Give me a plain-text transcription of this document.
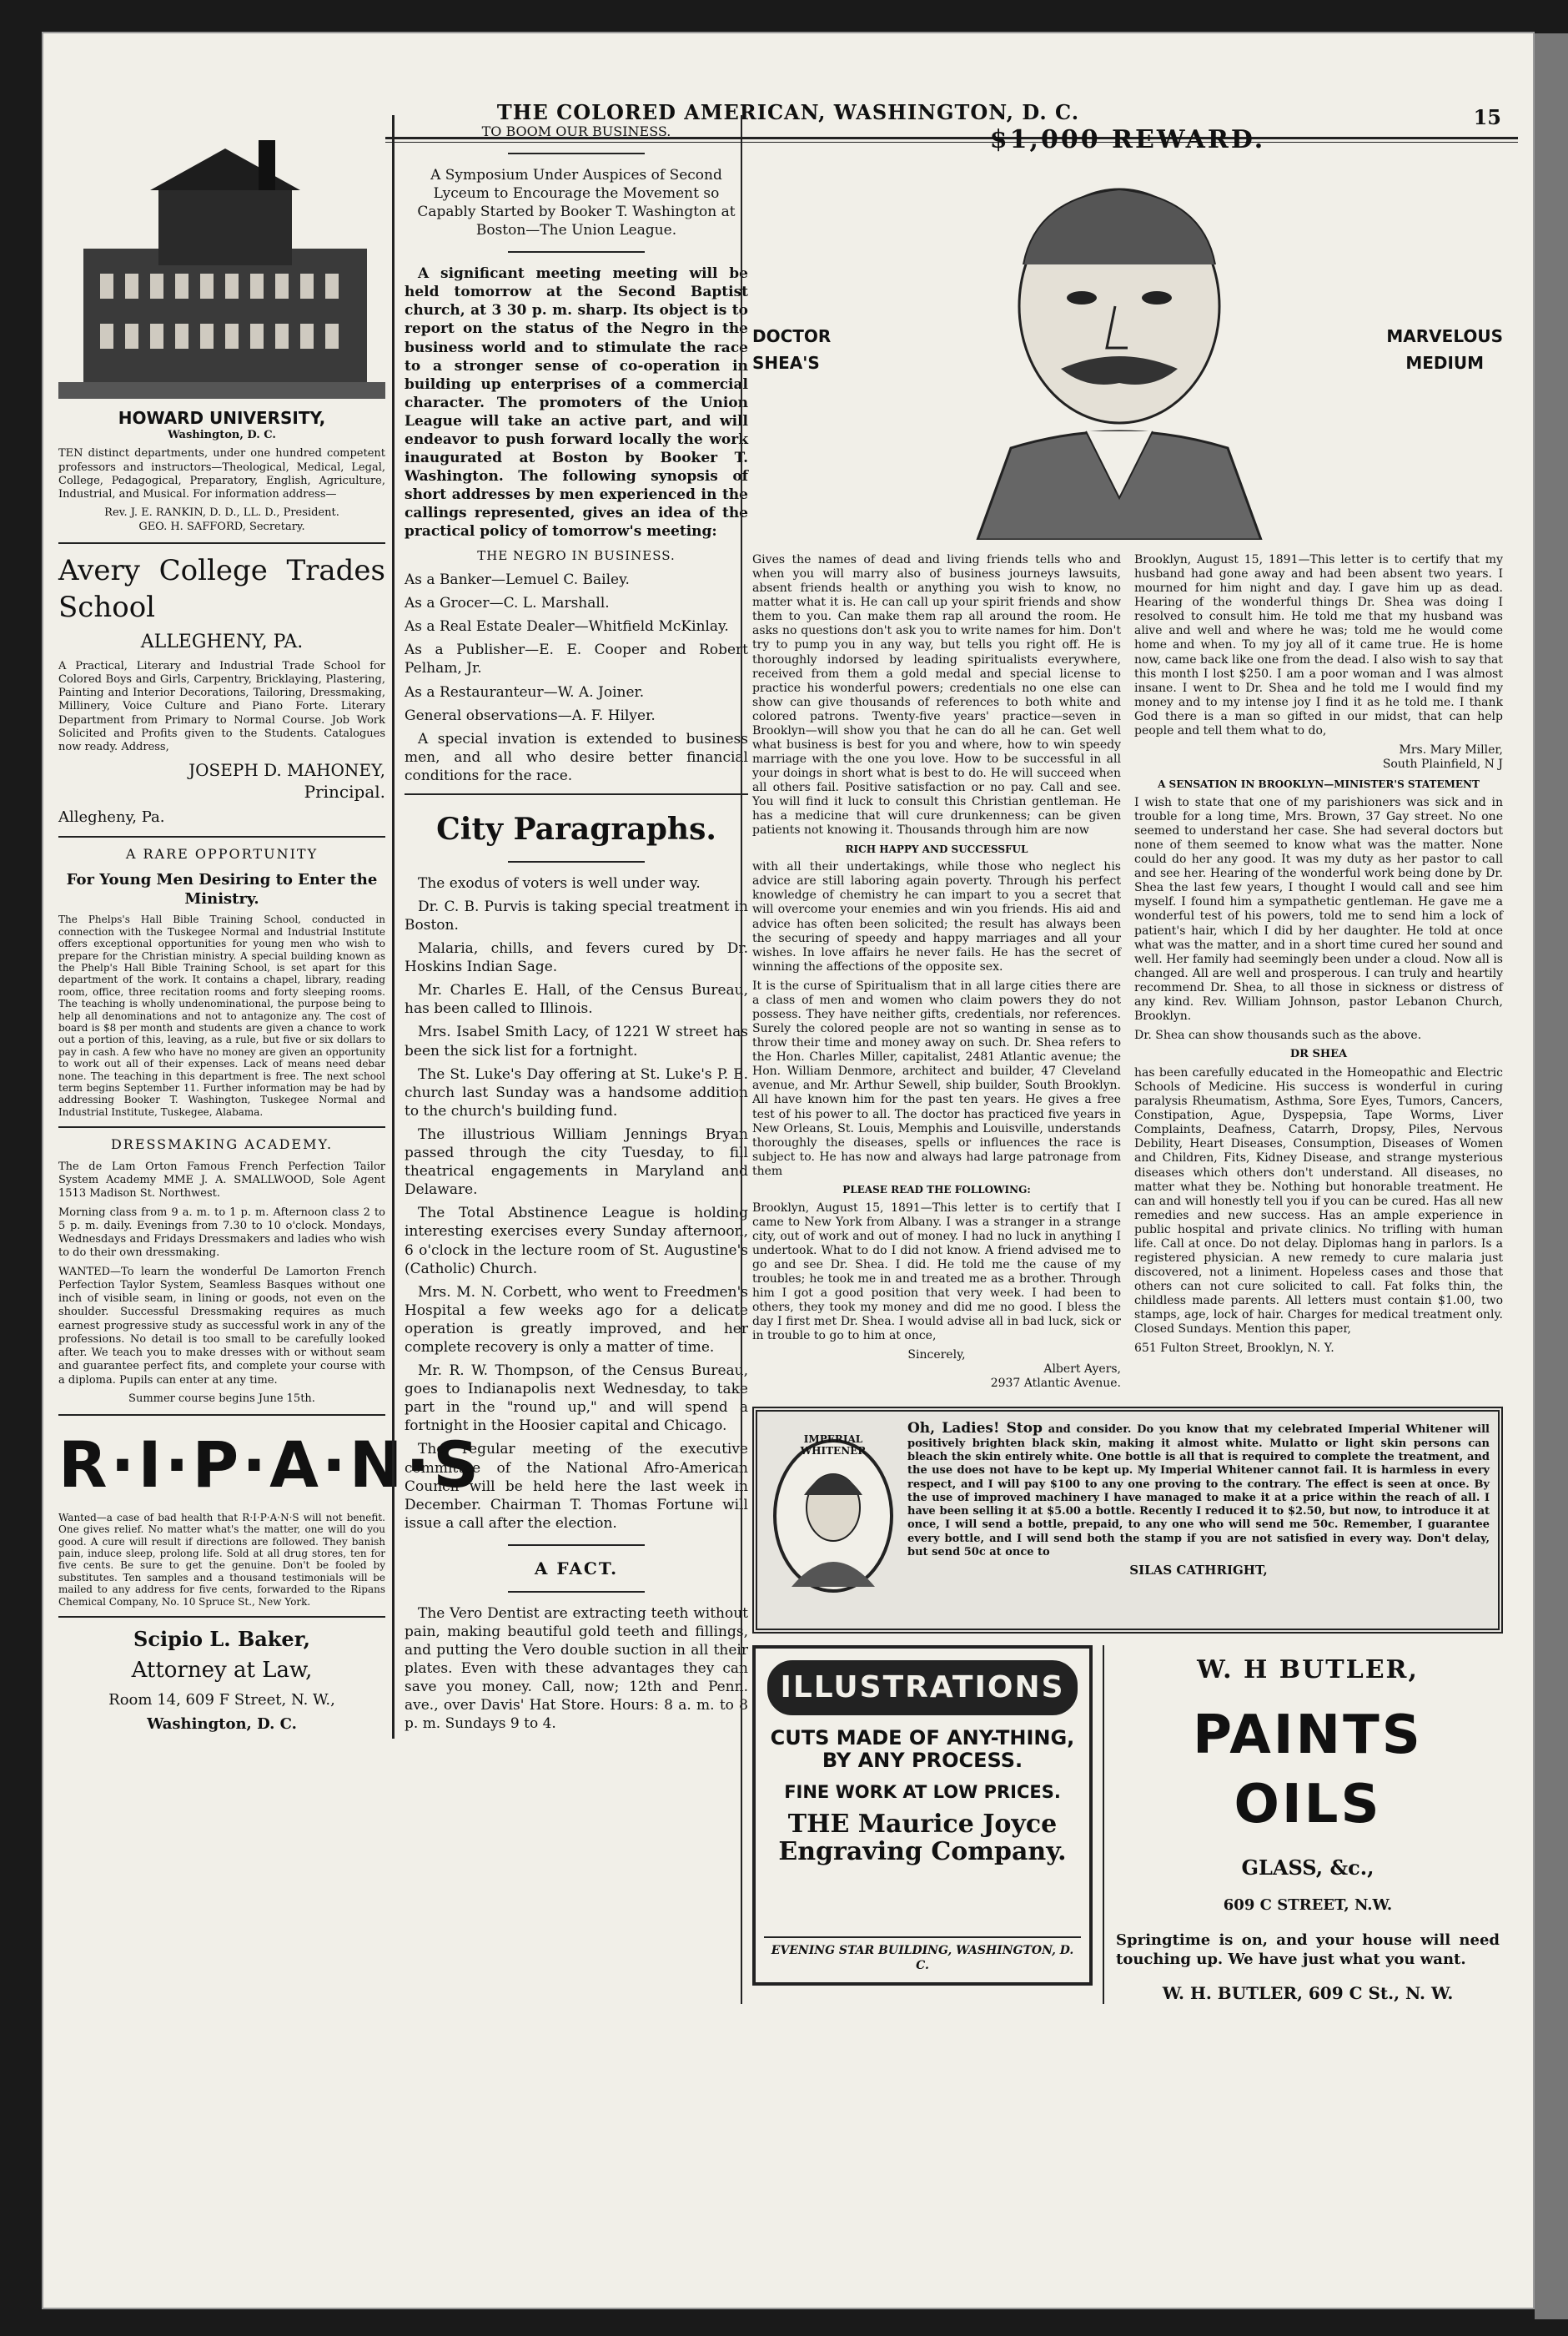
THE COLORED AMERICAN, WASHINGTON, D. C.	15
HOWARD UNIVERSITY,
Washington, D. C.

TEN distinct departments, under one hundred competent professors and instructors—Theological, Medical, Legal, College, Pedagogical, Preparatory, English, Agriculture, Industrial, and Musical. For information address—

Rev. J. E. RANKIN, D. D., LL. D., President.
GEO. H. SAFFORD, Secretary.
Avery College Trades School
ALLEGHENY, PA.

A Practical, Literary and Industrial Trade School for Colored Boys and Girls, Carpentry, Bricklaying, Plastering, Painting and Interior Decorations, Tailoring, Dressmaking, Millinery, Voice Culture and Piano Forte. Literary Department from Primary to Normal Course. Job Work Solicited and Profits given to the Students. Catalogues now ready. Address,

JOSEPH D. MAHONEY,
Principal.
Allegheny, Pa.
A RARE OPPORTUNITY
For Young Men Desiring to Enter the Ministry.

The Phelps's Hall Bible Training School, conducted in connection with the Tuskegee Normal and Industrial Institute offers exceptional opportunities for young men who wish to prepare for the Christian ministry. A special building known as the Phelp's Hall Bible Training School, is set apart for this department of the work. It contains a chapel, library, reading room, office, three recitation rooms and forty sleeping rooms. The teaching is wholly undenominational, the purpose being to help all denominations and not to antagonize any. The cost of board is $8 per month and students are given a chance to work out a portion of this, leaving, as a rule, but five or six dollars to pay in cash. A few who have no money are given an opportunity to work out all of their expenses. Lack of means need debar none. The teaching in this department is free. The next school term begins September 11. Further information may be had by addressing Booker T. Washington, Tuskegee Normal and Industrial Institute, Tuskegee, Alabama.

DRESSMAKING ACADEMY.

The de Lam Orton Famous French Perfection Tailor System Academy MME J. A. SMALLWOOD, Sole Agent 1513 Madison St. Northwest.

Morning class from 9 a. m. to 1 p. m. Afternoon class 2 to 5 p. m. daily. Evenings from 7.30 to 10 o'clock. Mondays, Wednesdays and Fridays Dressmakers and ladies who wish to do their own dressmaking.

WANTED—To learn the wonderful De Lamorton French Perfection Taylor System, Seamless Basques without one inch of visible seam, in lining or goods, not even on the shoulder. Successful Dressmaking requires as much earnest progressive study as successful work in any of the professions. No detail is too small to be carefully looked after. We teach you to make dresses with or without seam and guarantee perfect fits, and complete your course with a diploma. Pupils can enter at any time.

Summer course begins June 15th.

R·I·P·A·N·S

Wanted—a case of bad health that R·I·P·A·N·S will not benefit. One gives relief. No matter what's the matter, one will do you good. A cure will result if directions are followed. They banish pain, induce sleep, prolong life. Sold at all drug stores, ten for five cents. Be sure to get the genuine. Don't be fooled by substitutes. Ten samples and a thousand testimonials will be mailed to any address for five cents, forwarded to the Ripans Chemical Company, No. 10 Spruce St., New York.

Scipio L. Baker,
Attorney at Law,
Room 14, 609 F Street, N. W.,
Washington, D. C.
TO BOOM OUR BUSINESS.

A Symposium Under Auspices of Second Lyceum to Encourage the Movement so Capably Started by Booker T. Washington at Boston—The Union League.

A significant meeting meeting will be held tomorrow at the Second Baptist church, at 3 30 p. m. sharp. Its object is to report on the status of the Negro in the business world and to stimulate the race to a stronger sense of co-operation in building up enterprises of a commercial character. The promoters of the Union League will take an active part, and will endeavor to push forward locally the work inaugurated at Boston by Booker T. Washington. The following synopsis of short addresses by men experienced in the callings represented, gives an idea of the practical policy of tomorrow's meeting:

THE NEGRO IN BUSINESS.

As a Banker—Lemuel C. Bailey.

As a Grocer—C. L. Marshall.

As a Real Estate Dealer—Whitfield McKinlay.

As a Publisher—E. E. Cooper and Robert Pelham, Jr.

As a Restauranteur—W. A. Joiner.

General observations—A. F. Hilyer.

A special invation is extended to business men, and all who desire better financial conditions for the race.

City Paragraphs.

The exodus of voters is well under way.

Dr. C. B. Purvis is taking special treatment in Boston.

Malaria, chills, and fevers cured by Dr. Hoskins Indian Sage.

Mr. Charles E. Hall, of the Census Bureau, has been called to Illinois.

Mrs. Isabel Smith Lacy, of 1221 W street has been the sick list for a fortnight.

The St. Luke's Day offering at St. Luke's P. E. church last Sunday was a handsome addition to the church's building fund.

The illustrious William Jennings Bryan passed through the city Tuesday, to fill theatrical engagements in Maryland and Delaware.

The Total Abstinence League is holding interesting exercises every Sunday afternoon, 6 o'clock in the lecture room of St. Augustine's (Catholic) Church.

Mrs. M. N. Corbett, who went to Freedmen's Hospital a few weeks ago for a delicate operation is greatly improved, and her complete recovery is only a matter of time.

Mr. R. W. Thompson, of the Census Bureau, goes to Indianapolis next Wednesday, to take part in the "round up," and will spend a fortnight in the Hoosier capital and Chicago.

The regular meeting of the executive committee of the National Afro-American Council will be held here the last week in December. Chairman T. Thomas Fortune will issue a call after the election.

A FACT.

The Vero Dentist are extracting teeth without pain, making beautiful gold teeth and fillings, and putting the Vero double suction in all their plates. Even with these advantages they can save you money. Call, now; 12th and Penn. ave., over Davis' Hat Store. Hours: 8 a. m. to 8 p. m. Sundays 9 to 4.

$1,000 REWARD.
DOCTOR
SHEA'S
MARVELOUS
MEDIUM

Gives the names of dead and living friends tells who and when you will marry also of business journeys lawsuits, absent friends health or anything you wish to know, no matter what it is. He can call up your spirit friends and show them to you. Can make them rap all around the room. He asks no questions don't ask you to write names for him. Don't try to pump you in any way, but tells you right off. He is thoroughly indorsed by leading spiritualists everywhere, received from them a gold medal and special license to practice his wonderful powers; credentials no one else can show can give thousands of references to both white and colored patrons. Twenty-five years' practice—seven in Brooklyn—will show you that he can do all he can. Get well what business is best for you and where, how to win speedy marriage with the one you love. How to be successful in all your doings in short what is best to do. He will succeed when all others fail. Positive satisfaction or no pay. Call and see. You will find it luck to consult this Christian gentleman. He has a medicine that will cure drunkenness; can be given patients not knowing it. Thousands through him are now

RICH HAPPY AND SUCCESSFUL

with all their undertakings, while those who neglect his advice are still laboring again poverty. Through his perfect knowledge of chemistry he can impart to you a secret that will overcome your enemies and win you friends. His aid and advice has often been solicited; the result has always been the securing of speedy and happy marriages and all your wishes. In love affairs he never fails. He has the secret of winning the affections of the opposite sex.

It is the curse of Spiritualism that in all large cities there are a class of men and women who claim powers they do not possess. They have neither gifts, credentials, nor references. Surely the colored people are not so wanting in sense as to throw their time and money away on such. Dr. Shea refers to the Hon. Charles Miller, capitalist, 2481 Atlantic avenue; the Hon. William Denmore, architect and builder, 47 Cleveland avenue, and Mr. Arthur Sewell, ship builder, South Brooklyn. All have known him for the past ten years. He gives a free test of his power to all. The doctor has practiced five years in New Orleans, St. Louis, Memphis and Louisville, understands thoroughly the diseases, spells or influences the race is subject to. He has now and always had large patronage from them

PLEASE READ THE FOLLOWING:

Brooklyn, August 15, 1891—This letter is to certify that I came to New York from Albany. I was a stranger in a strange city, out of work and out of money. I had no luck in anything I undertook. What to do I did not know. A friend advised me to go and see Dr. Shea. I did. He told me the cause of my troubles; he took me in and treated me as a brother. Through him I got a good position that very week. I had been to others, they took my money and did me no good. I bless the day I first met Dr. Shea. I would advise all in bad luck, sick or in trouble to go to him at once,

Sincerely,
Albert Ayers,
2937 Atlantic Avenue.

Brooklyn, August 15, 1891—This letter is to certify that my husband had gone away and had been absent two years. I mourned for him night and day. I gave him up as dead. Hearing of the wonderful things Dr. Shea was doing I resolved to consult him. He told me that my husband was alive and well and where he was; told me he would come home and when. To my joy all of it came true. He is home now, came back like one from the dead. I also wish to say that this month I lost $250. I am a poor woman and I was almost insane. I went to Dr. Shea and he told me I would find my money and to my intense joy I find it as he told me. I thank God there is a man so gifted in our midst, that can help people and tell them what to do,

Mrs. Mary Miller,
South Plainfield, N J
A SENSATION IN BROOKLYN—MINISTER'S STATEMENT

I wish to state that one of my parishioners was sick and in trouble for a long time, Mrs. Brown, 37 Gay street. No one seemed to understand her case. She had several doctors but none of them seemed to know what was the matter. None could do her any good. It was my duty as her pastor to call and see her. Hearing of the wonderful work being done by Dr. Shea the last few years, I thought I would call and see him myself. I found him a sympathetic gentleman. He gave me a wonderful test of his powers, told me to send him a lock of patient's hair, which I did by her daughter. He told at once what was the matter, and in a short time cured her sound and well. Her family had seemingly been under a cloud. Now all is changed. All are well and prosperous. I can truly and heartily recommend Dr. Shea, to all those in sickness or distress of any kind. Rev. William Johnson, pastor Lebanon Church, Brooklyn.

Dr. Shea can show thousands such as the above.

DR SHEA

has been carefully educated in the Homeopathic and Electric Schools of Medicine. His success is wonderful in curing paralysis Rheumatism, Asthma, Sore Eyes, Tumors, Cancers, Constipation, Ague, Dyspepsia, Tape Worms, Liver Complaints, Deafness, Catarrh, Dropsy, Piles, Nervous Debility, Heart Diseases, Consumption, Diseases of Women and Children, Fits, Kidney Disease, and strange mysterious diseases which others don't understand. All diseases, no matter what they be. Nothing but honorable treatment. He can and will honestly tell you if you can be cured. Has all new remedies and new success. Has an ample experience in public hospital and private clinics. No trifling with human life. Call at once. Do not delay. Diplomas hang in parlors. Is a registered physician. A new remedy to cure malaria just discovered, not a liniment. Hopeless cases and those that others can not cure solicited to call. Fat folks thin, the childless made parents. All letters must contain $1.00, two stamps, age, lock of hair. Charges for medical treatment only. Closed Sundays. Mention this paper,

651 Fulton Street, Brooklyn, N. Y.
IMPERIAL WHITENER
Oh, Ladies! Stop and consider. Do you know that my celebrated Imperial Whitener will positively brighten black skin, making it almost white. Mulatto or light skin persons can bleach the skin entirely white. One bottle is all that is required to complete the treatment, and the use does not have to be kept up. My Imperial Whitener cannot fail. It is harmless in every respect, and I will pay $100 to any one proving to the contrary. The effect is seen at once. By the use of improved machinery I have managed to make it at a price within the reach of all. I have been selling it at $5.00 a bottle. Recently I reduced it to $2.50, but now, to introduce it at once, I will send a bottle, prepaid, to any one who will send me 50c. Remember, I guarantee every bottle, and I will send both the stamp if you are not satisfied in every way. Don't delay, but send 50c at once to
SILAS CATHRIGHT,
ILLUSTRATIONS
CUTS MADE OF ANY-THING, BY ANY PROCESS.
FINE WORK AT LOW PRICES.
THE Maurice Joyce Engraving Company.
EVENING STAR BUILDING, WASHINGTON, D. C.
W. H BUTLER,
PAINTS OILS
GLASS, &c.,
609 C STREET, N.W.
Springtime is on, and your house will need touching up. We have just what you want.
W. H. BUTLER, 609 C St., N. W.
